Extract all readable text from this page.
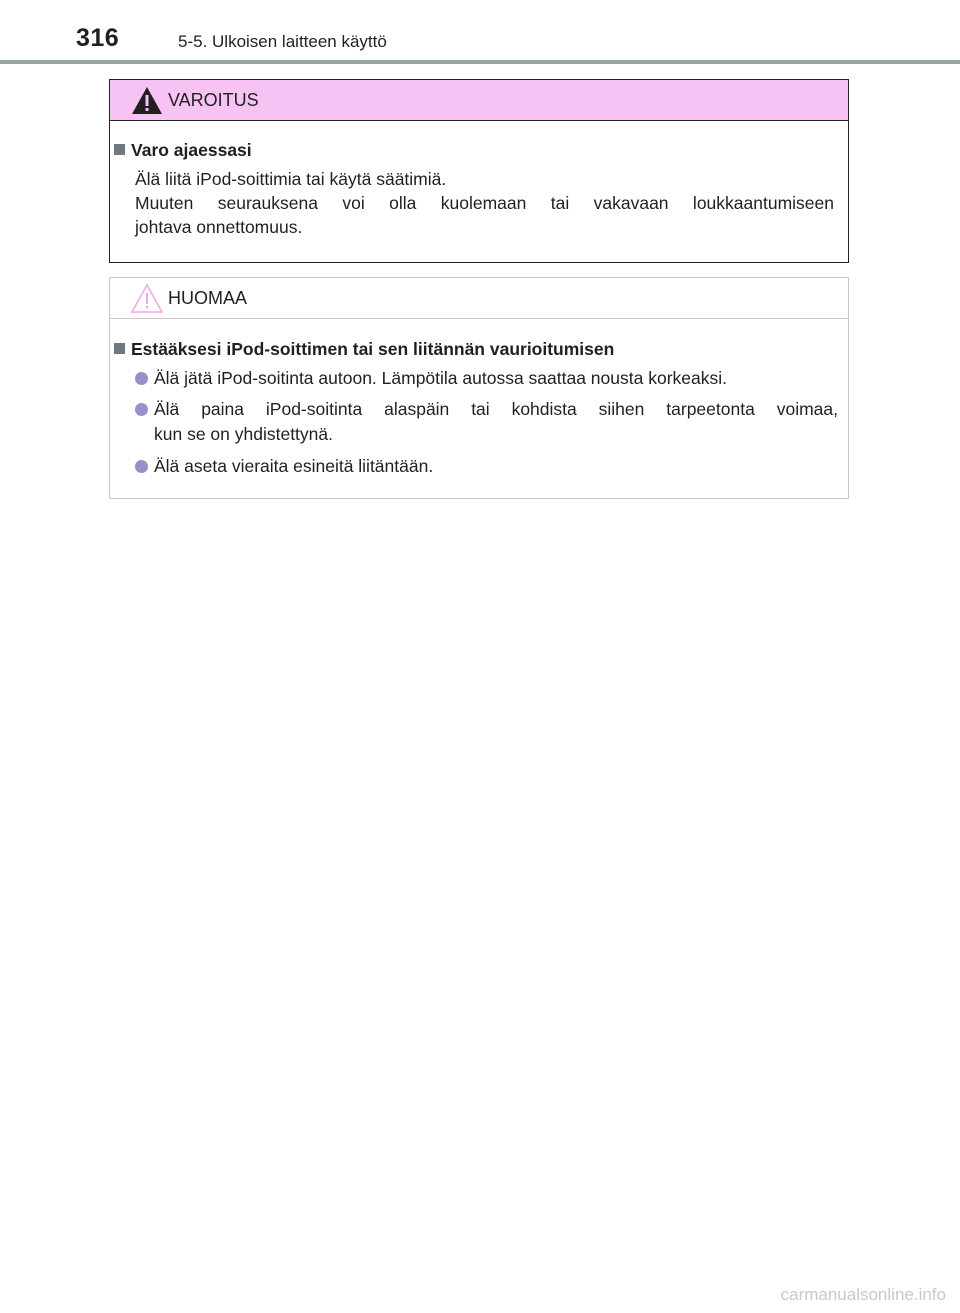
316	5-5. Ulkoisen laitteen käyttö
VAROITUS
Varo ajaessasi
Älä liitä iPod-soittimia tai käytä säätimiä.
Muuten seurauksena voi olla kuolemaan tai vakavaan loukkaantumiseen
johtava onnettomuus.
HUOMAA
Estääksesi iPod-soittimen tai sen liitännän vaurioitumisen
Älä jätä iPod-soitinta autoon. Lämpötila autossa saattaa nousta korkeaksi.
Älä paina iPod-soitinta alaspäin tai kohdista siihen tarpeetonta voimaa,
kun se on yhdistettynä.
Älä aseta vieraita esineitä liitäntään.
carmanualsonline.info
